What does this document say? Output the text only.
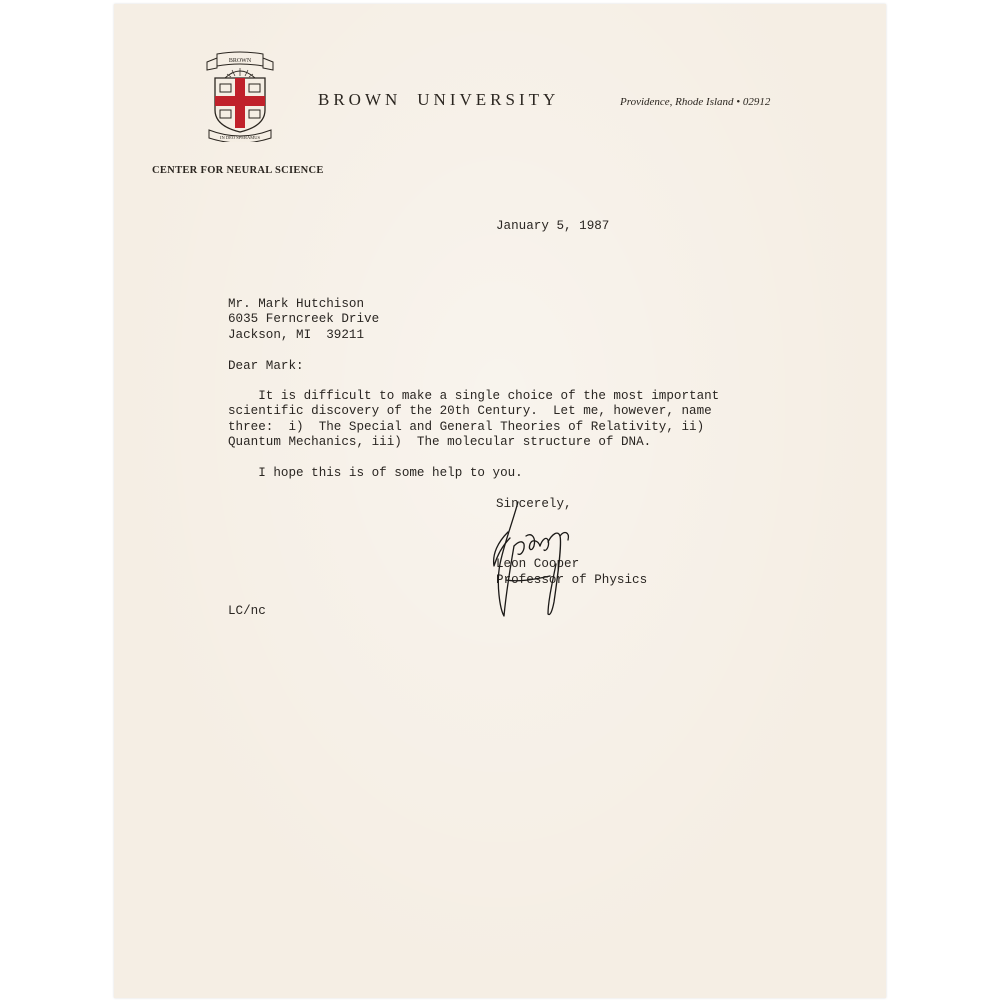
BROWN
IN DEO SPERAMUS
BROWN UNIVERSITY	Providence, Rhode Island • 02912
CENTER FOR NEURAL SCIENCE
January 5, 1987
Mr. Mark Hutchison
6035 Ferncreek Drive
Jackson, MI  39211
Dear Mark:
It is difficult to make a single choice of the most important
scientific discovery of the 20th Century.  Let me, however, name
three:  i)  The Special and General Theories of Relativity, ii)
Quantum Mechanics, iii)  The molecular structure of DNA.
I hope this is of some help to you.
Sincerely,
Leon Cooper
Professor of Physics
LC/nc
